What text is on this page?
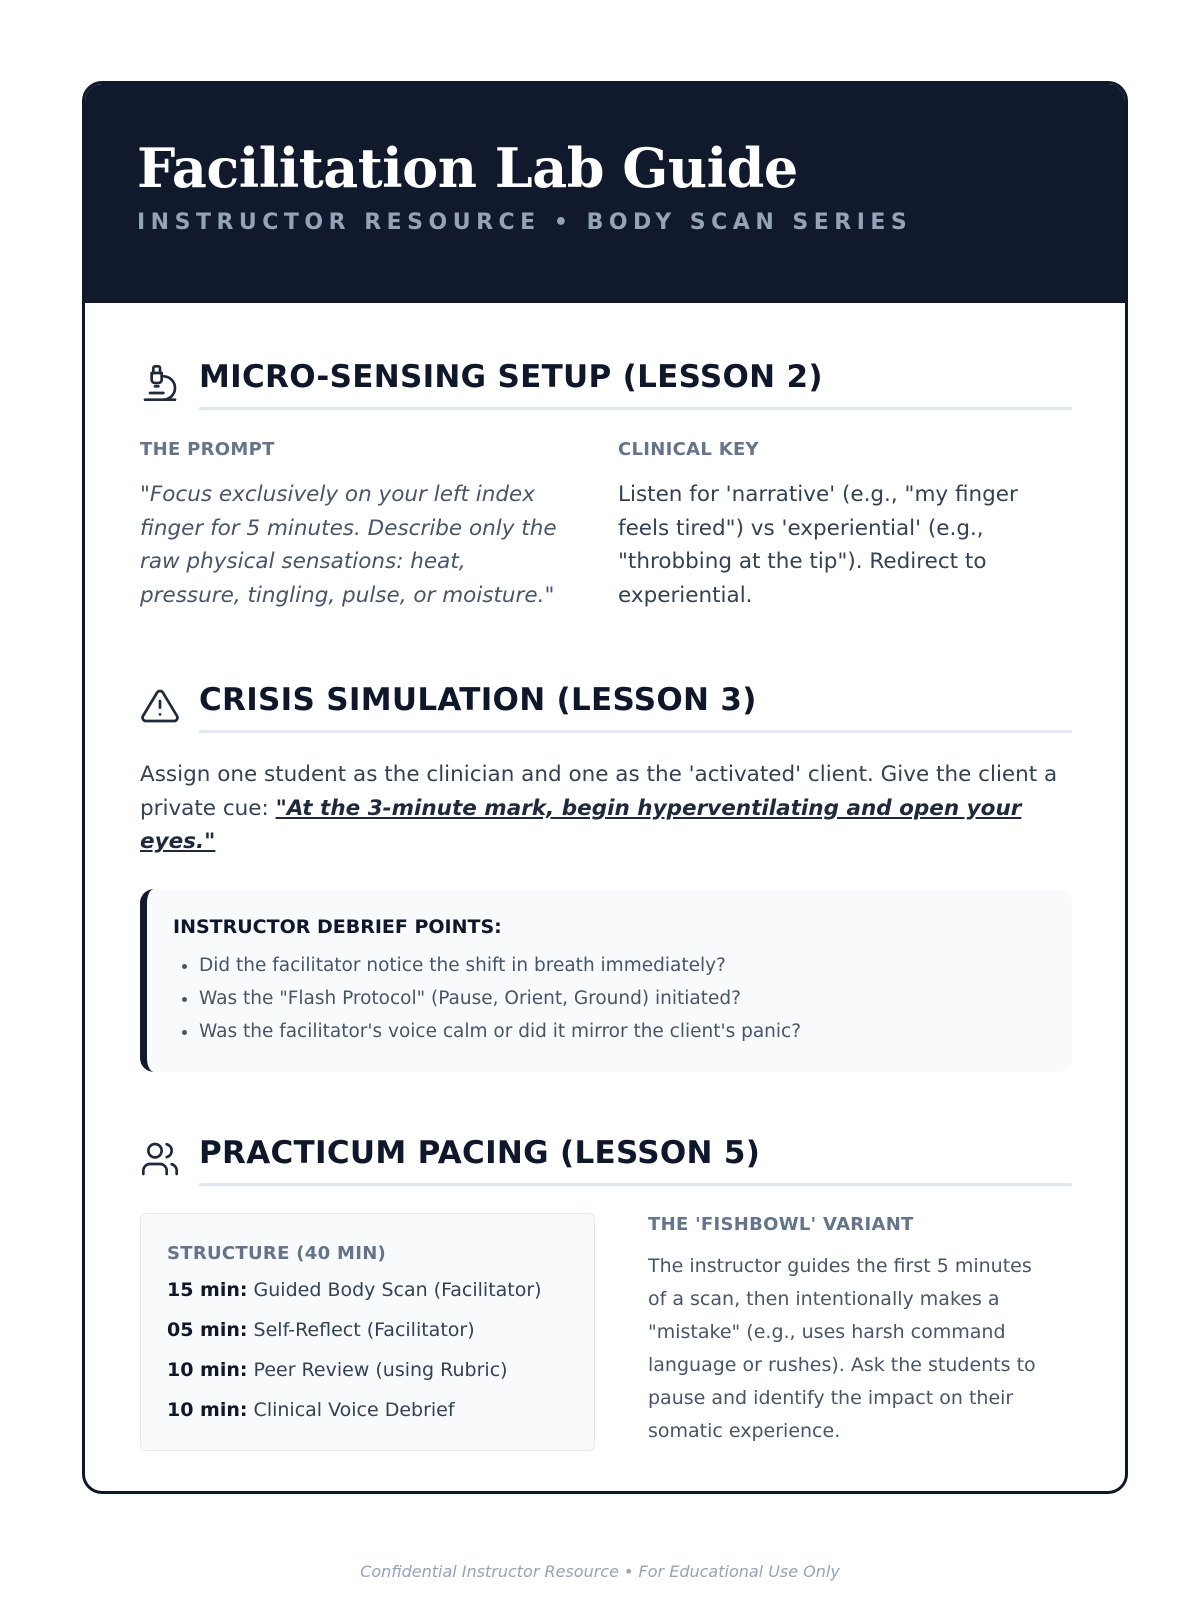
Facilitation Lab Guide
INSTRUCTOR RESOURCE • BODY SCAN SERIES
MICRO-SENSING SETUP (LESSON 2)
THE PROMPT
"Focus exclusively on your left index finger for 5 minutes. Describe only the raw physical sensations: heat, pressure, tingling, pulse, or moisture."
CLINICAL KEY
Listen for 'narrative' (e.g., "my finger feels tired") vs 'experiential' (e.g., "throbbing at the tip"). Redirect to experiential.
CRISIS SIMULATION (LESSON 3)
Assign one student as the clinician and one as the 'activated' client. Give the client a private cue: "At the 3-minute mark, begin hyperventilating and open your eyes."
INSTRUCTOR DEBRIEF POINTS:
• Did the facilitator notice the shift in breath immediately?
• Was the "Flash Protocol" (Pause, Orient, Ground) initiated?
• Was the facilitator's voice calm or did it mirror the client's panic?
PRACTICUM PACING (LESSON 5)
STRUCTURE (40 MIN)
15 min: Guided Body Scan (Facilitator)
05 min: Self-Reflect (Facilitator)
10 min: Peer Review (using Rubric)
10 min: Clinical Voice Debrief
THE 'FISHBOWL' VARIANT
The instructor guides the first 5 minutes of a scan, then intentionally makes a "mistake" (e.g., uses harsh command language or rushes). Ask the students to pause and identify the impact on their somatic experience.
Confidential Instructor Resource • For Educational Use Only
